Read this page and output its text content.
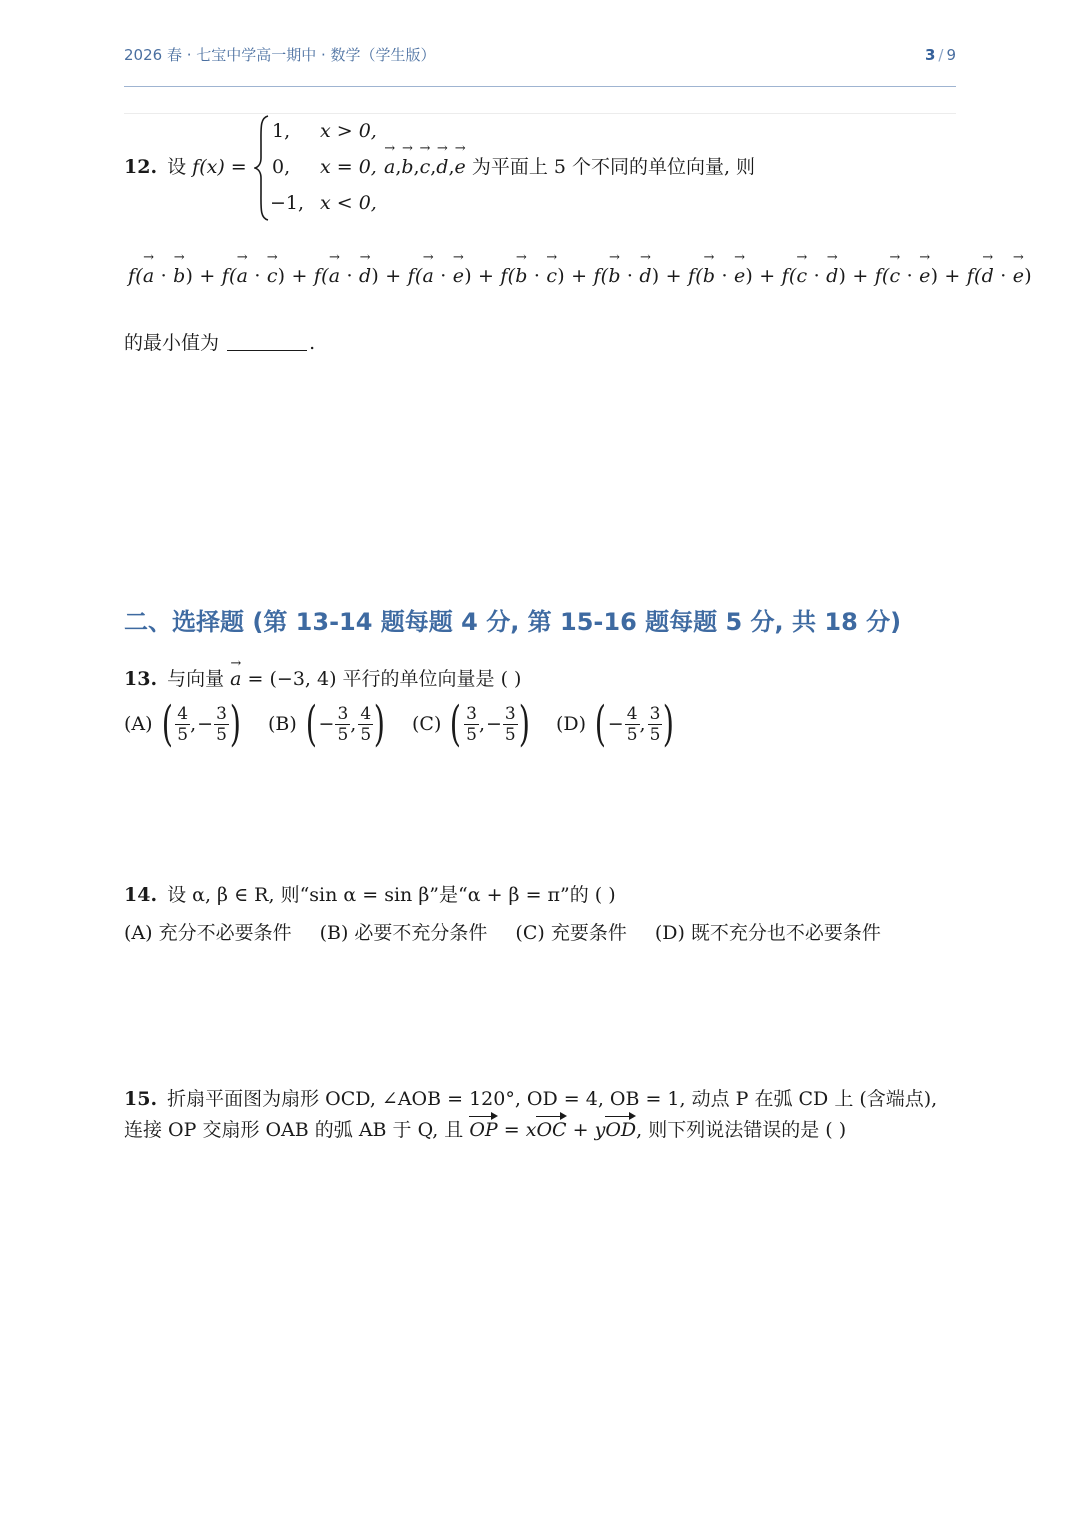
2026 春 · 七宝中学高一期中 · 数学（学生版）	3 / 9
12. 设 f(x) =
1, x > 0,
0, x = 0,
−1, x < 0,
→ a,→ b,→ c,→ d,→ e 为平面上 5 个不同的单位向量, 则
f(→ a · → b) + f(→ a · → c) + f(→ a · → d) + f(→ a · → e) + f(→ b · → c) + f(→ b · → d) + f(→ b · → e) + f(→ c · → d) + f(→ c · → e) + f(→ d · → e)
的最小值为	.
二、选择题 (第 13-14 题每题 4 分, 第 15-16 题每题 5 分, 共 18 分)
13. 与向量 → a = (−3, 4) 平行的单位向量是 ( )
(A) ( $\frac{4}{5}$ , − $\frac{3}{5}$ ) (B) ( − $\frac{3}{5}$ , $\frac{4}{5}$ ) (C) ( $\frac{3}{5}$ , − $\frac{3}{5}$ ) (D) ( − $\frac{4}{5}$ , $\frac{3}{5}$ )
14. 设 α, β ∈ R, 则“sin α = sin β”是“α + β = π”的 ( )
(A) 充分不必要条件 (B) 必要不充分条件 (C) 充要条件 (D) 既不充分也不必要条件
15. 折扇平面图为扇形 OCD, ∠AOB = 120°, OD = 4, OB = 1, 动点 P 在弧 CD 上 (含端点),
连接 OP 交扇形 OAB 的弧 AB 于 Q, 且 OP = xOC + yOD, 则下列说法错误的是 ( )
